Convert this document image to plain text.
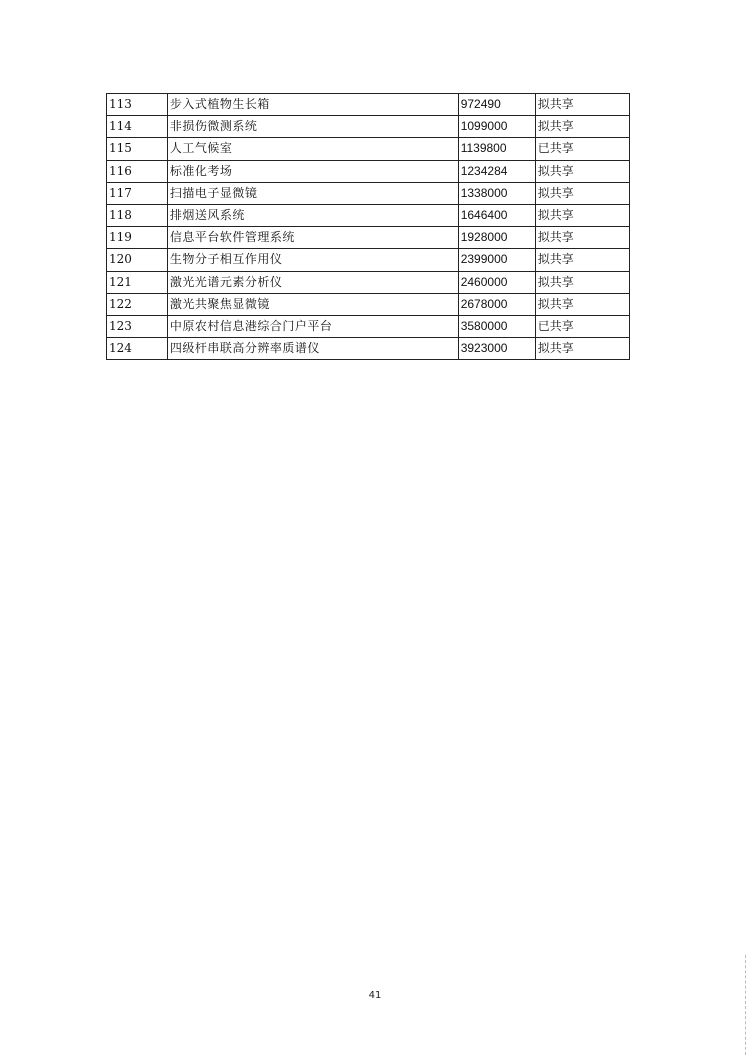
113	步入式植物生长箱	972490	拟共享
114	非损伤微测系统	1099000	拟共享
115	人工气候室	1139800	已共享
116	标准化考场	1234284	拟共享
117	扫描电子显微镜	1338000	拟共享
118	排烟送风系统	1646400	拟共享
119	信息平台软件管理系统	1928000	拟共享
120	生物分子相互作用仪	2399000	拟共享
121	激光光谱元素分析仪	2460000	拟共享
122	激光共聚焦显微镜	2678000	拟共享
123	中原农村信息港综合门户平台	3580000	已共享
124	四级杆串联高分辨率质谱仪	3923000	拟共享
41
